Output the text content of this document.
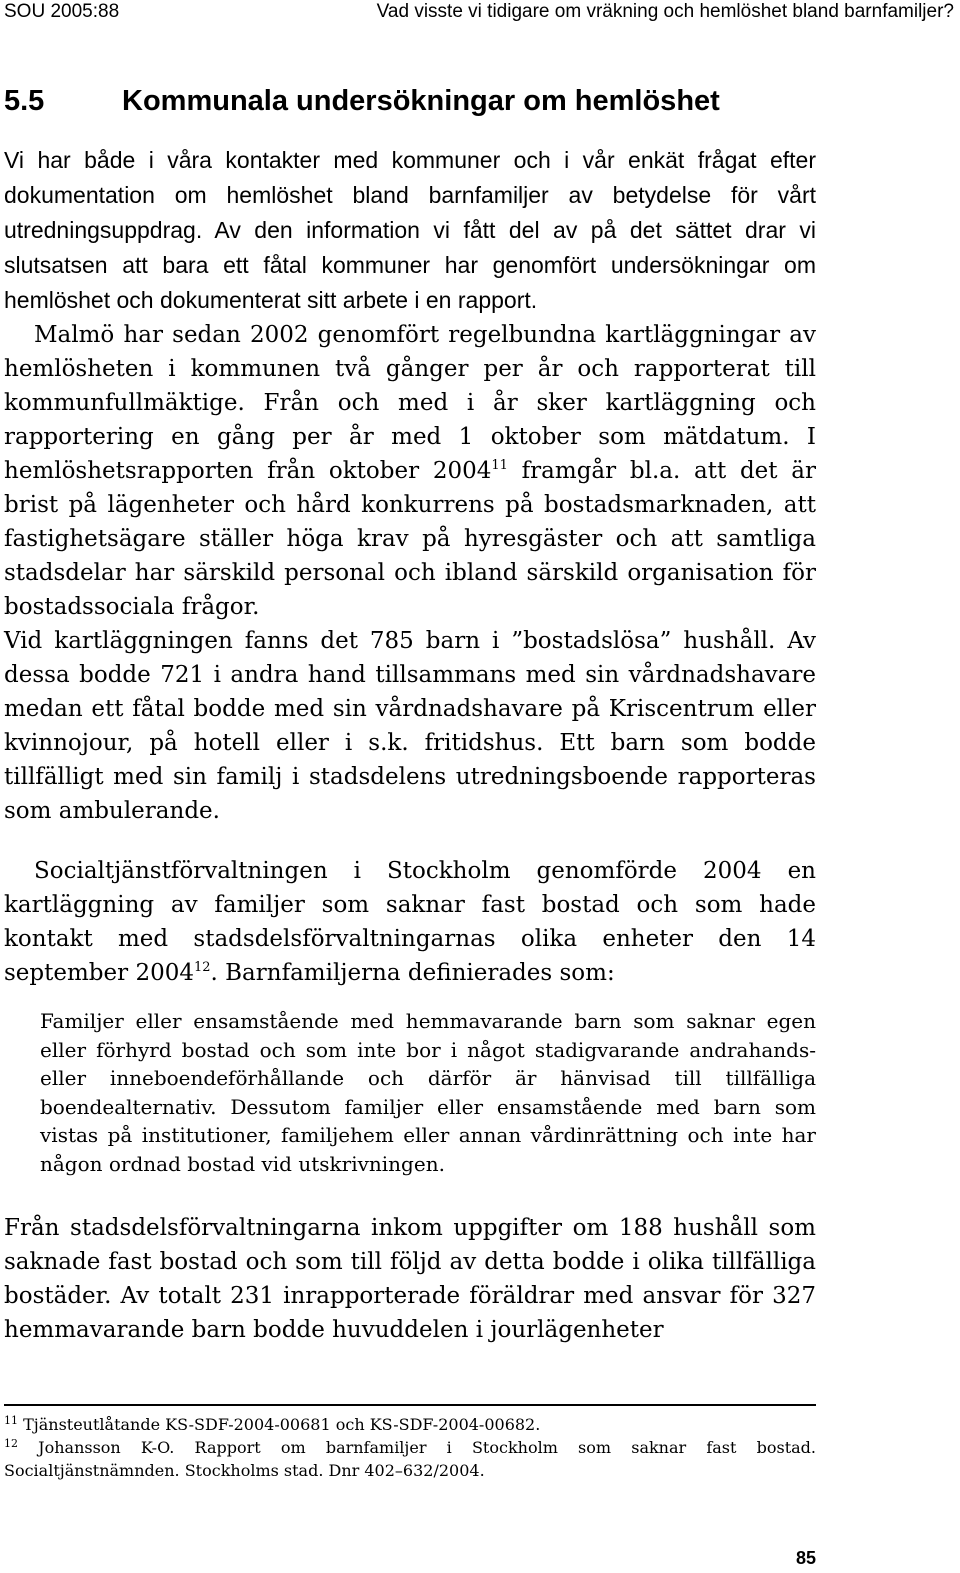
SOU 2005:88	Vad visste vi tidigare om vräkning och hemlöshet bland barnfamiljer?
5.5	Kommunala undersökningar om hemlöshet

Vi har både i våra kontakter med kommuner och i vår enkät frågat efter dokumentation om hemlöshet bland barnfamiljer av betydelse för vårt utredningsuppdrag. Av den information vi fått del av på det sättet drar vi slutsatsen att bara ett fåtal kommuner har genomfört undersökningar om hemlöshet och dokumenterat sitt arbete i en rapport.

Malmö har sedan 2002 genomfört regelbundna kartläggningar av hemlösheten i kommunen två gånger per år och rapporterat till kommunfullmäktige. Från och med i år sker kartläggning och rapportering en gång per år med 1 oktober som mätdatum. I hemlöshetsrapporten från oktober 2004$^{11}$ framgår bl.a. att det är brist på lägenheter och hård konkurrens på bostadsmarknaden, att fastighetsägare ställer höga krav på hyresgäster och att samtliga stadsdelar har särskild personal och ibland särskild organisation för bostadssociala frågor.

Vid kartläggningen fanns det 785 barn i ”bostadslösa” hushåll. Av dessa bodde 721 i andra hand tillsammans med sin vårdnadshavare medan ett fåtal bodde med sin vårdnadshavare på Kriscentrum eller kvinnojour, på hotell eller i s.k. fritidshus. Ett barn som bodde tillfälligt med sin familj i stadsdelens utredningsboende rapporteras som ambulerande.

Socialtjänstförvaltningen i Stockholm genomförde 2004 en kartläggning av familjer som saknar fast bostad och som hade kontakt med stadsdelsförvaltningarnas olika enheter den 14 september 2004$^{12}$. Barnfamiljerna definierades som:

Familjer eller ensamstående med hemmavarande barn som saknar egen eller förhyrd bostad och som inte bor i något stadigvarande andrahands- eller inneboendeförhållande och därför är hänvisad till tillfälliga boendealternativ. Dessutom familjer eller ensamstående med barn som vistas på institutioner, familjehem eller annan vårdinrättning och inte har någon ordnad bostad vid utskrivningen.

Från stadsdelsförvaltningarna inkom uppgifter om 188 hushåll som saknade fast bostad och som till följd av detta bodde i olika tillfälliga bostäder. Av totalt 231 inrapporterade föräldrar med ansvar för 327 hemmavarande barn bodde huvuddelen i jourlägenheter

$^{11}$ Tjänsteutlåtande KS-SDF-2004-00681 och KS-SDF-2004-00682.

$^{12}$ Johansson K-O. Rapport om barnfamiljer i Stockholm som saknar fast bostad. Socialtjänstnämnden. Stockholms stad. Dnr 402–632/2004.

85
